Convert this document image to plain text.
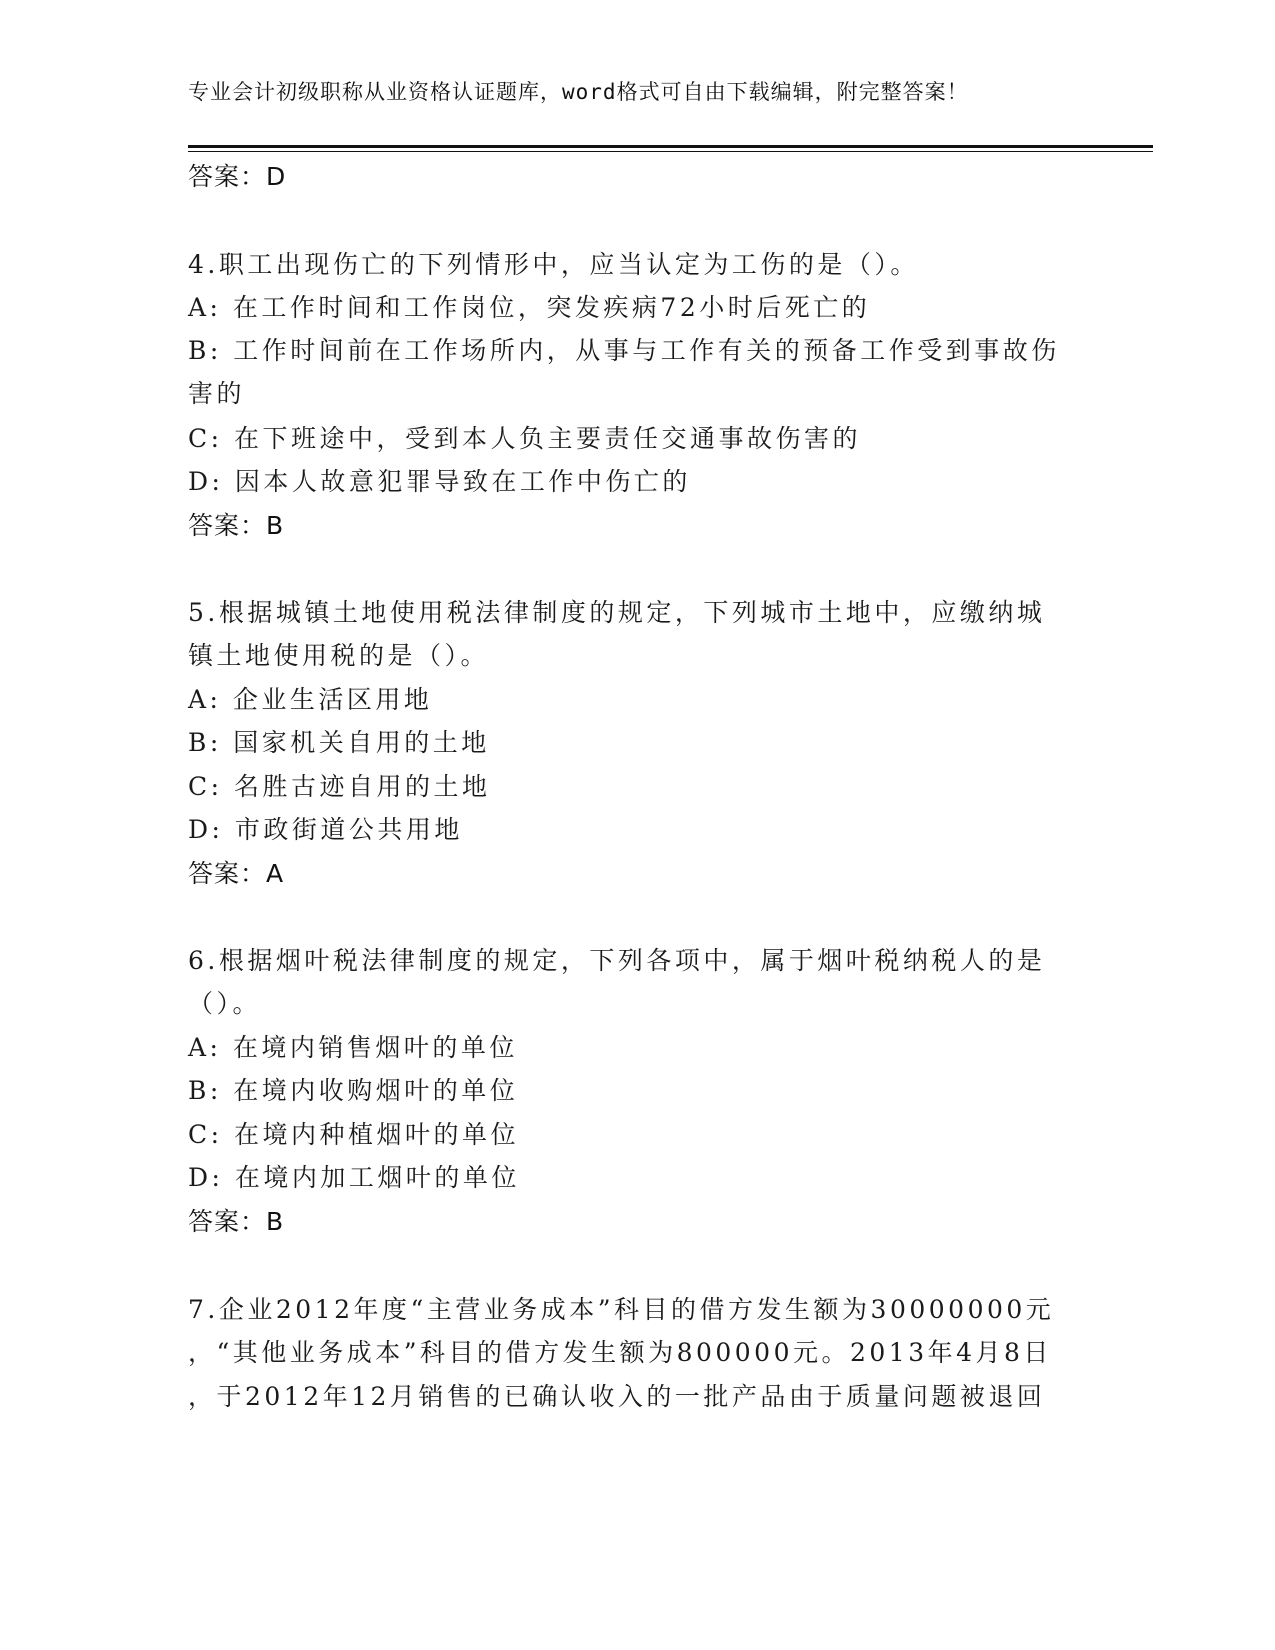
专业会计初级职称从业资格认证题库，word格式可自由下载编辑，附完整答案！
答案：D
4.职工出现伤亡的下列情形中，应当认定为工伤的是（）。
A: 在工作时间和工作岗位，突发疾病72小时后死亡的
B: 工作时间前在工作场所内，从事与工作有关的预备工作受到事故伤
害的
C: 在下班途中，受到本人负主要责任交通事故伤害的
D: 因本人故意犯罪导致在工作中伤亡的
答案：B
5.根据城镇土地使用税法律制度的规定，下列城市土地中，应缴纳城
镇土地使用税的是（）。
A: 企业生活区用地
B: 国家机关自用的土地
C: 名胜古迹自用的土地
D: 市政街道公共用地
答案：A
6.根据烟叶税法律制度的规定，下列各项中，属于烟叶税纳税人的是
（）。
A: 在境内销售烟叶的单位
B: 在境内收购烟叶的单位
C: 在境内种植烟叶的单位
D: 在境内加工烟叶的单位
答案：B
7.企业2012年度“主营业务成本”科目的借方发生额为30000000元
，“其他业务成本”科目的借方发生额为800000元。2013年4月8日
，于2012年12月销售的已确认收入的一批产品由于质量问题被退回
